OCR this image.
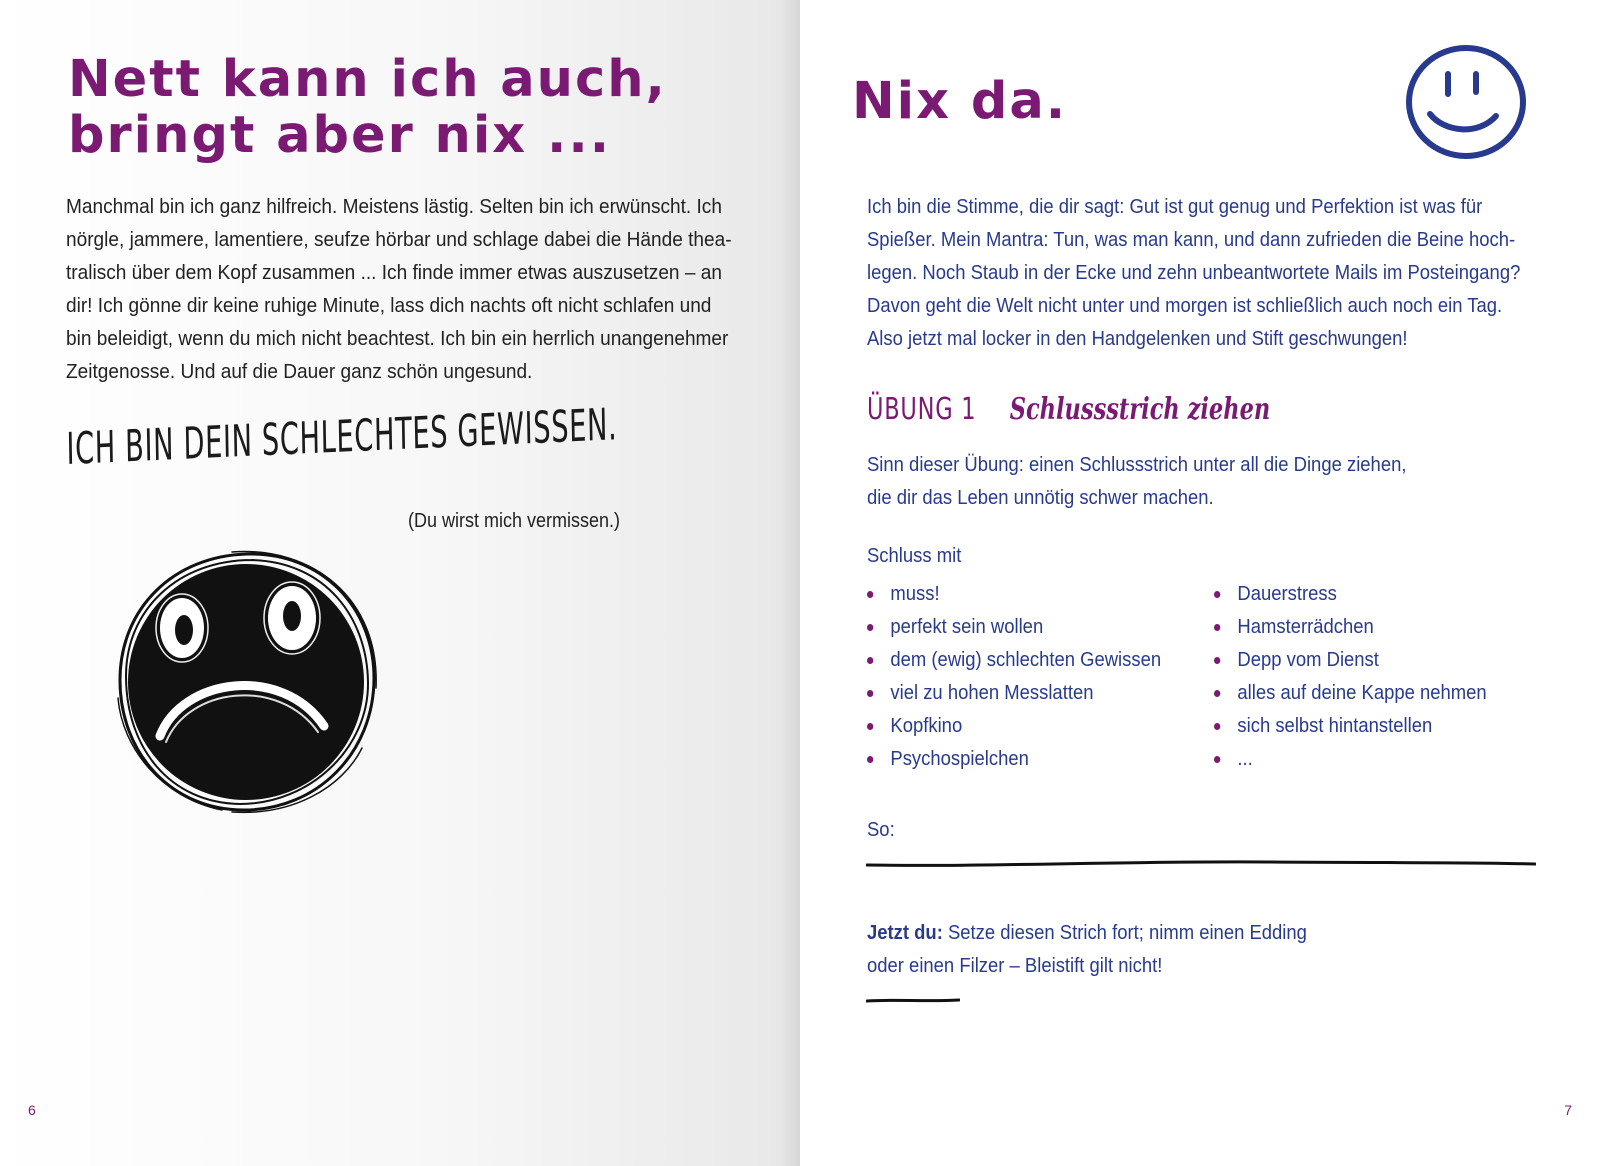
Nett kann ich auch,
bringt aber nix ...

Manchmal bin ich ganz hilfreich. Meistens lästig. Selten bin ich erwünscht. Ich
nörgle, jammere, lamentiere, seufze hörbar und schlage dabei die Hände thea-
tralisch über dem Kopf zusammen ... Ich finde immer etwas auszusetzen – an
dir! Ich gönne dir keine ruhige Minute, lass dich nachts oft nicht schlafen und
bin beleidigt, wenn du mich nicht beachtest. Ich bin ein herrlich unangenehmer
Zeitgenosse. Und auf die Dauer ganz schön ungesund.

ICH BIN DEIN SCHLECHTES GEWISSEN.

(Du wirst mich vermissen.)

6
Nix da.

Ich bin die Stimme, die dir sagt: Gut ist gut genug und Perfektion ist was für
Spießer. Mein Mantra: Tun, was man kann, und dann zufrieden die Beine hoch-
legen. Noch Staub in der Ecke und zehn unbeantwortete Mails im Posteingang?
Davon geht die Welt nicht unter und morgen ist schließlich auch noch ein Tag.
Also jetzt mal locker in den Handgelenken und Stift geschwungen!

ÜBUNG 1 Schlussstrich ziehen

Sinn dieser Übung: einen Schlussstrich unter all die Dinge ziehen,
die dir das Leben unnötig schwer machen.

Schluss mit

muss!
perfekt sein wollen
dem (ewig) schlechten Gewissen
viel zu hohen Messlatten
Kopfkino
Psychospielchen
Dauerstress
Hamsterrädchen
Depp vom Dienst
alles auf deine Kappe nehmen
sich selbst hintanstellen
...

So:

Jetzt du: Setze diesen Strich fort; nimm einen Edding
oder einen Filzer – Bleistift gilt nicht!

7
